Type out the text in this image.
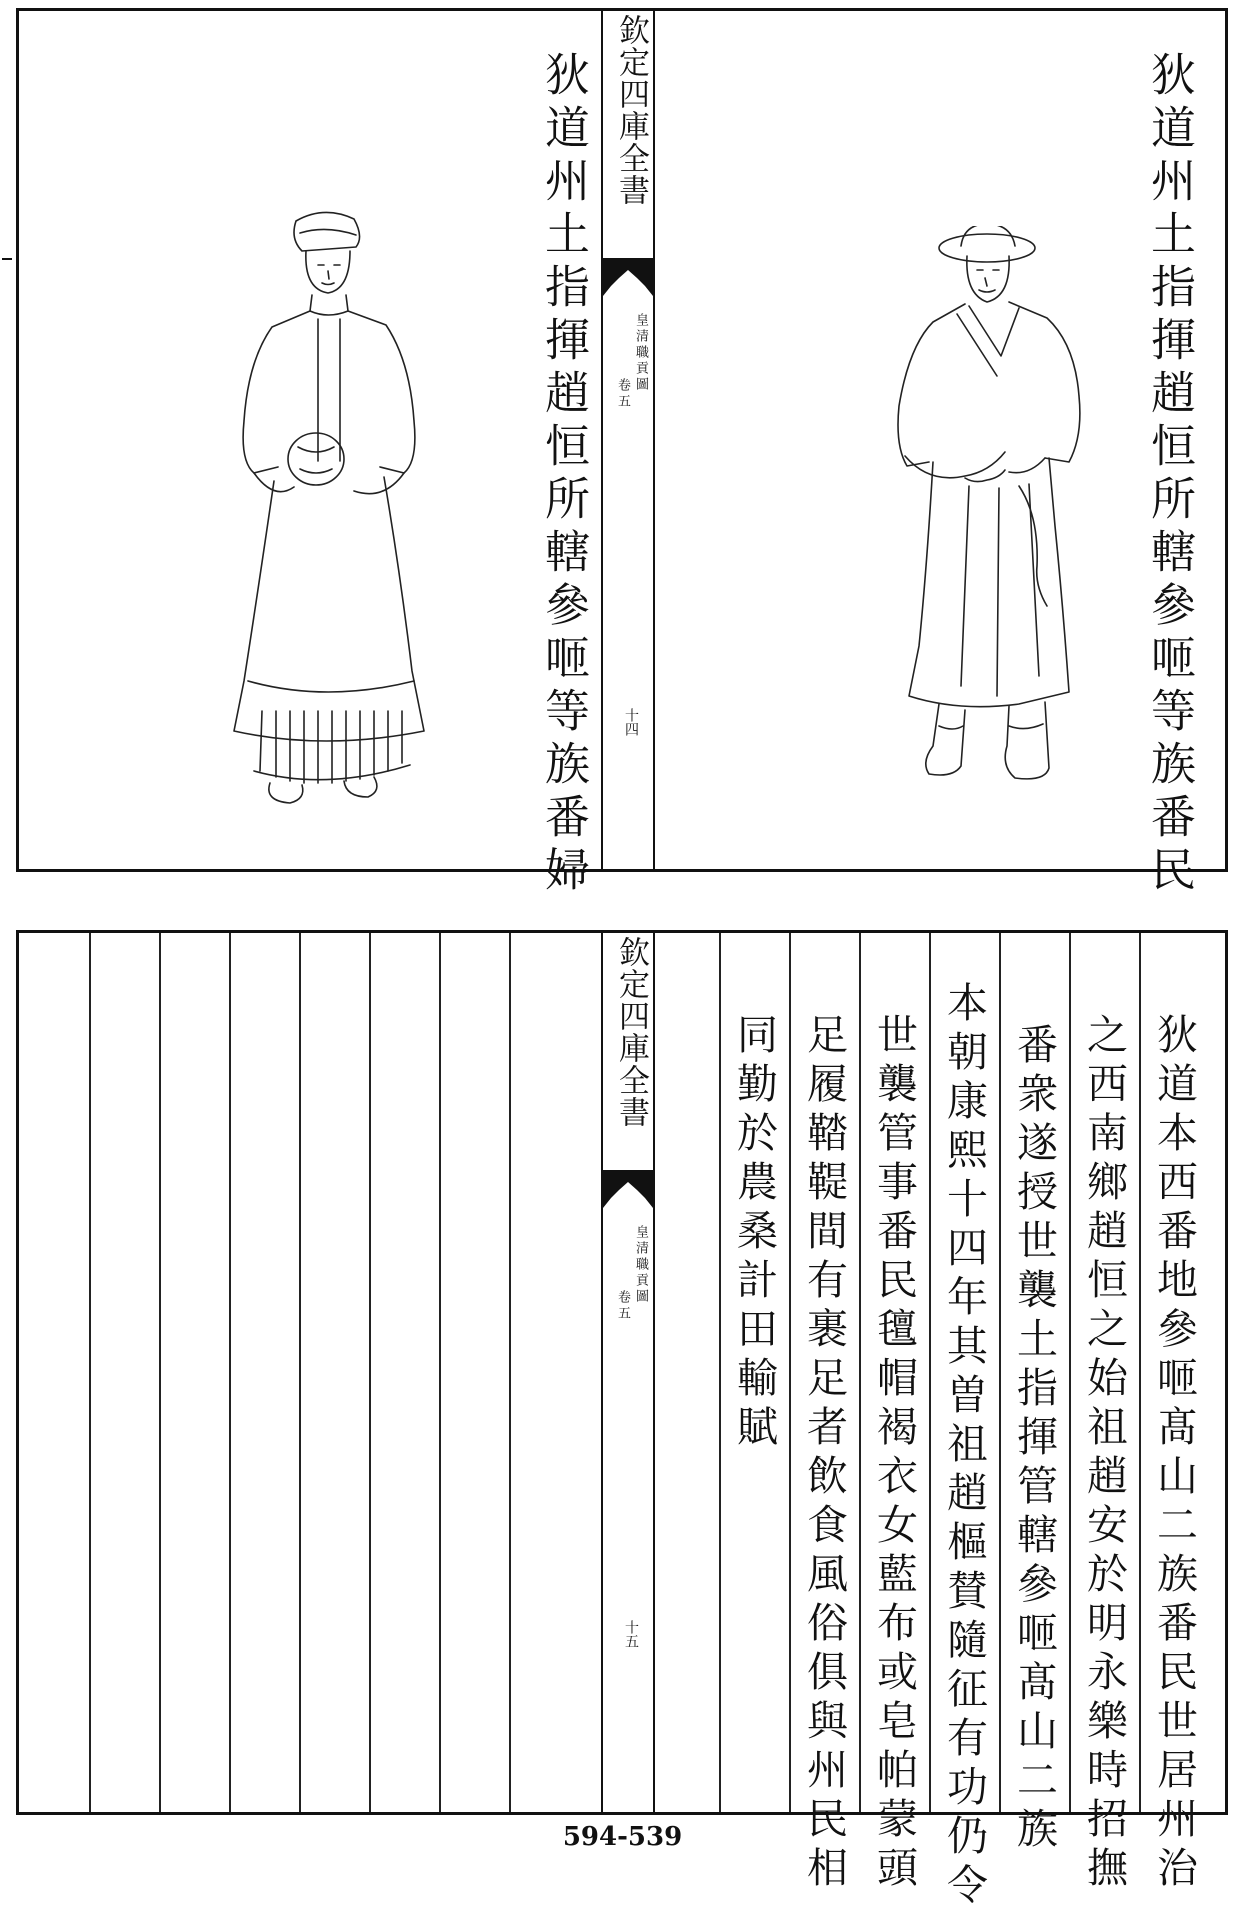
狄道州土指揮趙恒所轄參咂等族番民
狄道州土指揮趙恒所轄參咂等族番婦 欽定四庫全書
皇清職貢圖
卷五
十四
欽定四庫全書
皇清職貢圖
卷五
十五	狄道本西番地參咂髙山二族番民世居州治
之西南鄉趙恒之始祖趙安於明永樂時招撫
番衆遂授世襲土指揮管轄參咂髙山二族
本朝康熙十四年其曽祖趙樞賛隨征有功仍令
世襲管事番民氊帽褐衣女藍布或皂帕蒙頭
足履鞜鞮間有裹足者飲食風俗俱與州民相
同勤於農桑計田輸賦
594-539
